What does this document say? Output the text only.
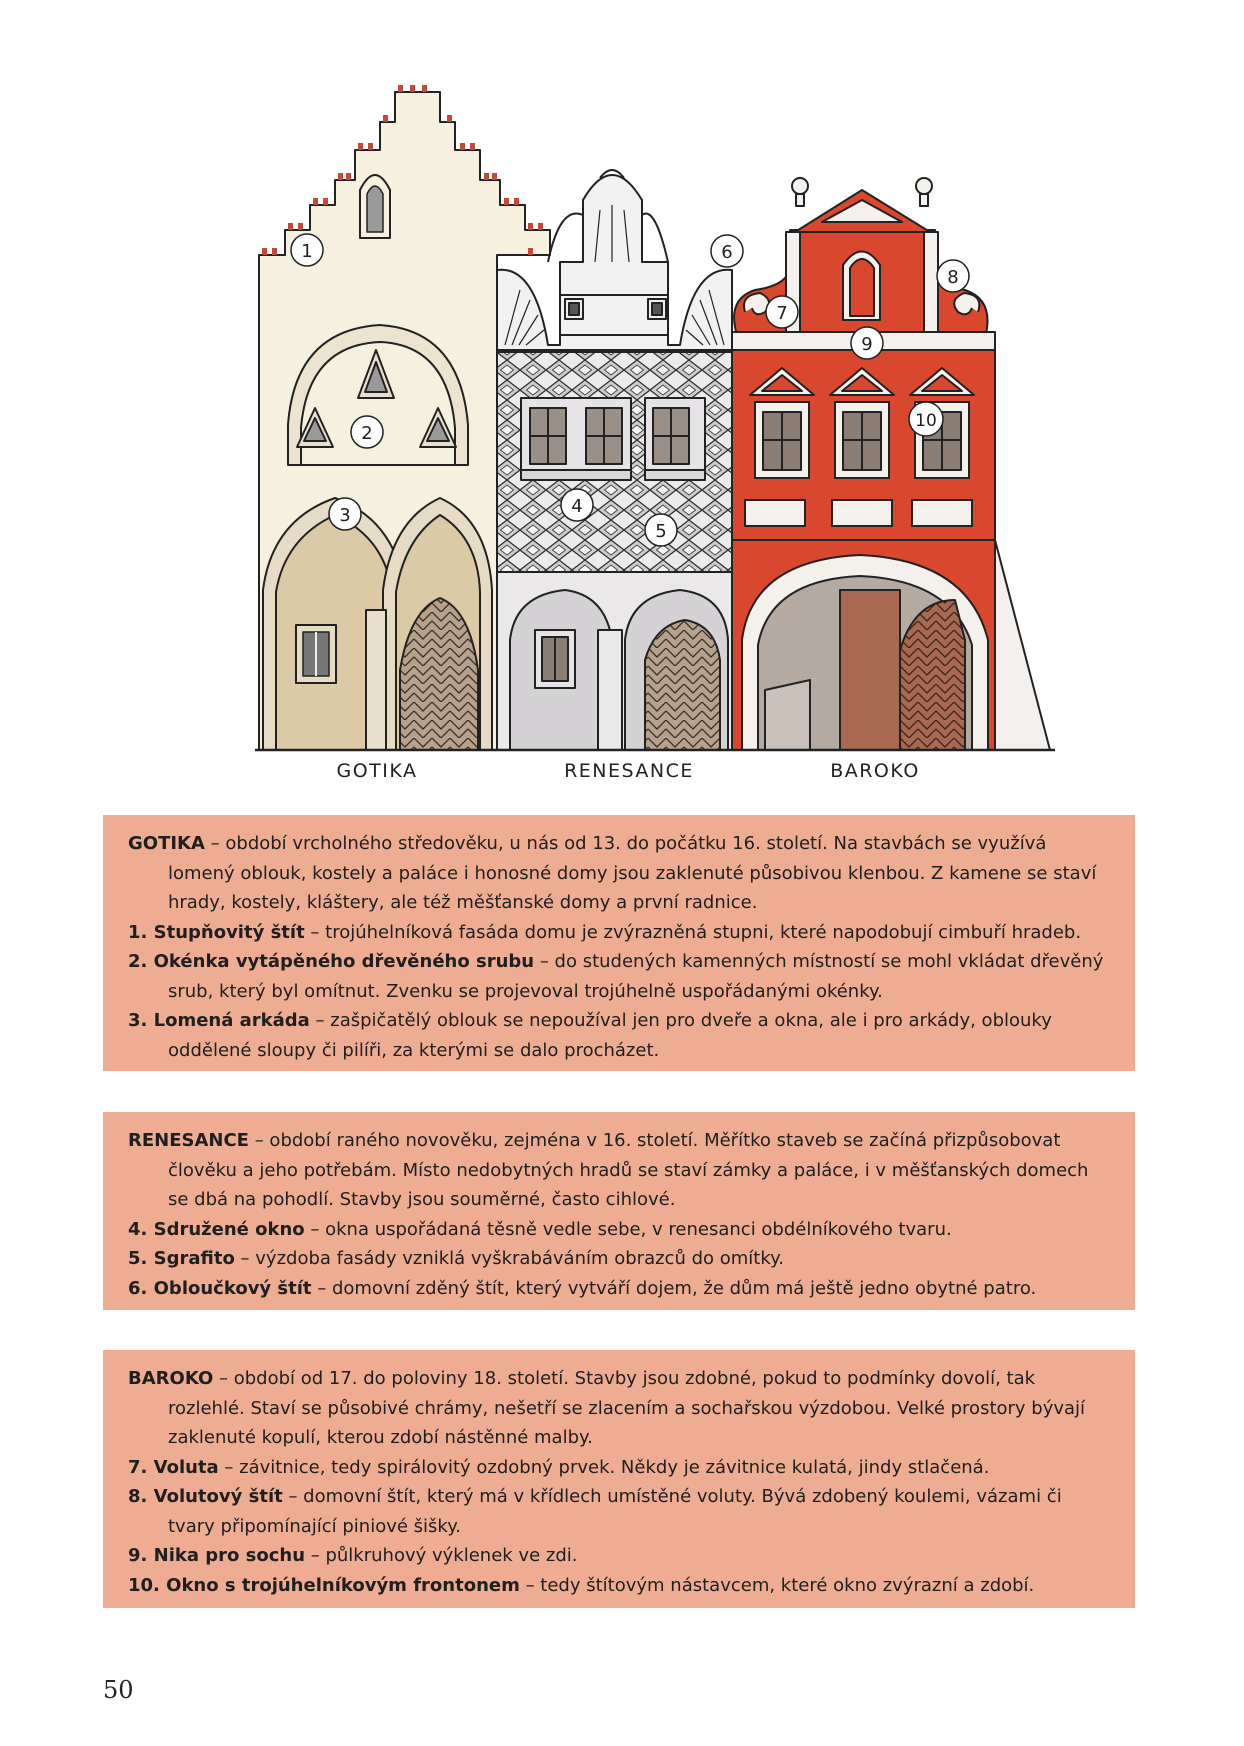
1
2
3	4
5
6
7
8
9
10
GOTIKA	RENESANCE	BAROKO

GOTIKA – období vrcholného středověku, u nás od 13. do počátku 16. století. Na stavbách se využívá lomený oblouk, kostely a paláce i honosné domy jsou zaklenuté působivou klenbou. Z kamene se staví hrady, kostely, kláštery, ale též měšťanské domy a první radnice.

1. Stupňovitý štít – trojúhelníková fasáda domu je zvýrazněná stupni, které napodobují cimbuří hradeb.

2. Okénka vytápěného dřevěného srubu – do studených kamenných místností se mohl vkládat dřevěný srub, který byl omítnut. Zvenku se projevoval trojúhelně uspořádanými okénky.

3. Lomená arkáda – zašpičatělý oblouk se nepoužíval jen pro dveře a okna, ale i pro arkády, oblouky oddělené sloupy či pilíři, za kterými se dalo procházet.

RENESANCE – období raného novověku, zejména v 16. století. Měřítko staveb se začíná přizpůsobovat člověku a jeho potřebám. Místo nedobytných hradů se staví zámky a paláce, i v měšťanských domech se dbá na pohodlí. Stavby jsou souměrné, často cihlové.

4. Sdružené okno – okna uspořádaná těsně vedle sebe, v renesanci obdélníkového tvaru.

5. Sgrafito – výzdoba fasády vzniklá vyškrabáváním obrazců do omítky.

6. Obloučkový štít – domovní zděný štít, který vytváří dojem, že dům má ještě jedno obytné patro.

BAROKO – období od 17. do poloviny 18. století. Stavby jsou zdobné, pokud to podmínky dovolí, tak rozlehlé. Staví se působivé chrámy, nešetří se zlacením a sochařskou výzdobou. Velké prostory bývají zaklenuté kopulí, kterou zdobí nástěnné malby.

7. Voluta – závitnice, tedy spirálovitý ozdobný prvek. Někdy je závitnice kulatá, jindy stlačená.

8. Volutový štít – domovní štít, který má v křídlech umístěné voluty. Bývá zdobený koulemi, vázami či tvary připomínající piniové šišky.

9. Nika pro sochu – půlkruhový výklenek ve zdi.

10. Okno s trojúhelníkovým frontonem – tedy štítovým nástavcem, které okno zvýrazní a zdobí.

50
